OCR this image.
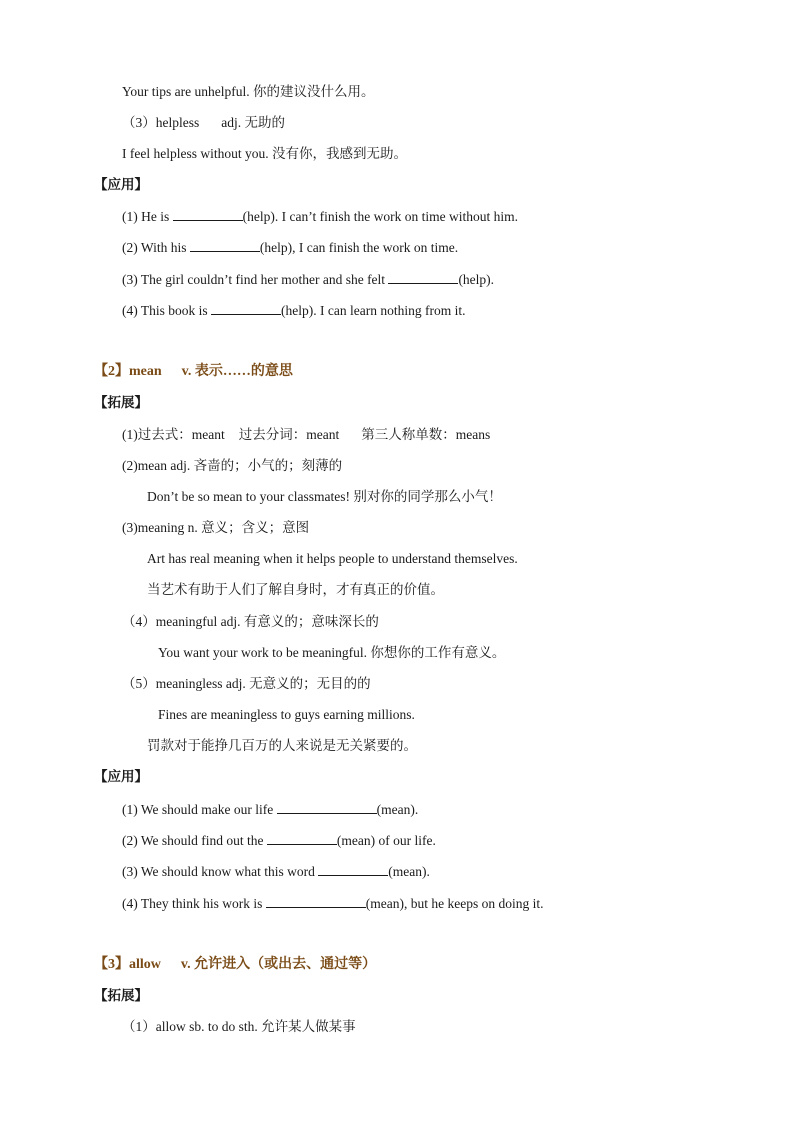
Your tips are unhelpful. 你的建议没什么用。
（3）helpless adj. 无助的
I feel helpless without you. 没有你，我感到无助。
【应用】
(1) He is	(help). I can’t finish the work on time without him.
(2) With his	(help), I can finish the work on time.
(3) The girl couldn’t find her mother and she felt	(help).
(4) This book is	(help). I can learn nothing from it.
【2】mean v. 表示……的意思
【拓展】
(1)过去式：meant 过去分词：meant 第三人称单数：means
(2)mean adj. 吝啬的；小气的；刻薄的
Don’t be so mean to your classmates! 别对你的同学那么小气！
(3)meaning n. 意义；含义；意图
Art has real meaning when it helps people to understand themselves.
当艺术有助于人们了解自身时，才有真正的价值。
（4）meaningful adj. 有意义的；意味深长的
You want your work to be meaningful. 你想你的工作有意义。
（5）meaningless adj. 无意义的；无目的的
Fines are meaningless to guys earning millions.
罚款对于能挣几百万的人来说是无关紧要的。
【应用】
(1) We should make our life	(mean).
(2) We should find out the	(mean) of our life.
(3) We should know what this word	(mean).
(4) They think his work is	(mean), but he keeps on doing it.
【3】allow v. 允许进入（或出去、通过等）
【拓展】
（1）allow sb. to do sth. 允许某人做某事
